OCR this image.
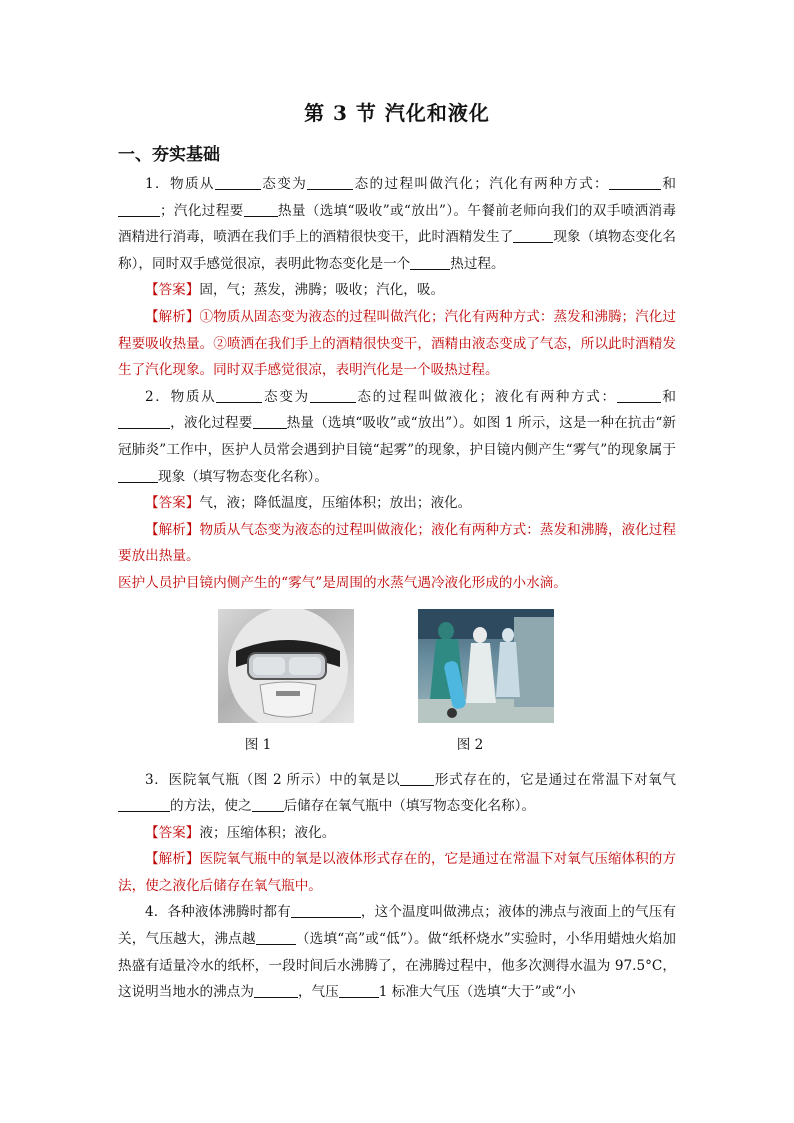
第 3 节 汽化和液化
一、夯实基础

1．物质从	态变为	态的过程叫做汽化；汽化有两种方式：	和；汽化过程要	热量（选填“吸收”或“放出”）。午餐前老师向我们的双手喷洒消毒酒精进行消毒，喷洒在我们手上的酒精很快变干，此时酒精发生了	现象（填物态变化名称），同时双手感觉很凉，表明此物态变化是一个	热过程。

【答案】固，气；蒸发，沸腾；吸收；汽化，吸。

【解析】①物质从固态变为液态的过程叫做汽化；汽化有两种方式：蒸发和沸腾；汽化过程要吸收热量。②喷洒在我们手上的酒精很快变干，酒精由液态变成了气态，所以此时酒精发生了汽化现象。同时双手感觉很凉，表明汽化是一个吸热过程。

2．物质从	态变为	态的过程叫做液化；液化有两种方式：	和，液化过程要	热量（选填“吸收”或“放出”）。如图 1 所示，这是一种在抗击“新冠肺炎”工作中，医护人员常会遇到护目镜“起雾”的现象，护目镜内侧产生“雾气”的现象属于现象（填写物态变化名称）。

【答案】气，液；降低温度，压缩体积；放出；液化。

【解析】物质从气态变为液态的过程叫做液化；液化有两种方式：蒸发和沸腾，液化过程要放出热量。

医护人员护目镜内侧产生的“雾气”是周围的水蒸气遇冷液化形成的小水滴。

图 1	图 2

3．医院氧气瓶（图 2 所示）中的氧是以	形式存在的，它是通过在常温下对氧气的方法，使之 后储存在氧气瓶中（填写物态变化名称）。

【答案】液；压缩体积；液化。

【解析】医院氧气瓶中的氧是以液体形式存在的，它是通过在常温下对氧气压缩体积的方法，使之液化后储存在氧气瓶中。

4．各种液体沸腾时都有	，这个温度叫做沸点；液体的沸点与液面上的气压有关，气压越大，沸点越	（选填“高”或“低”）。做“纸杯烧水”实验时，小华用蜡烛火焰加热盛有适量冷水的纸杯，一段时间后水沸腾了，在沸腾过程中，他多次测得水温为 97.5°C，这说明当地水的沸点为	，气压	1 标准大气压（选填“大于”或“小
